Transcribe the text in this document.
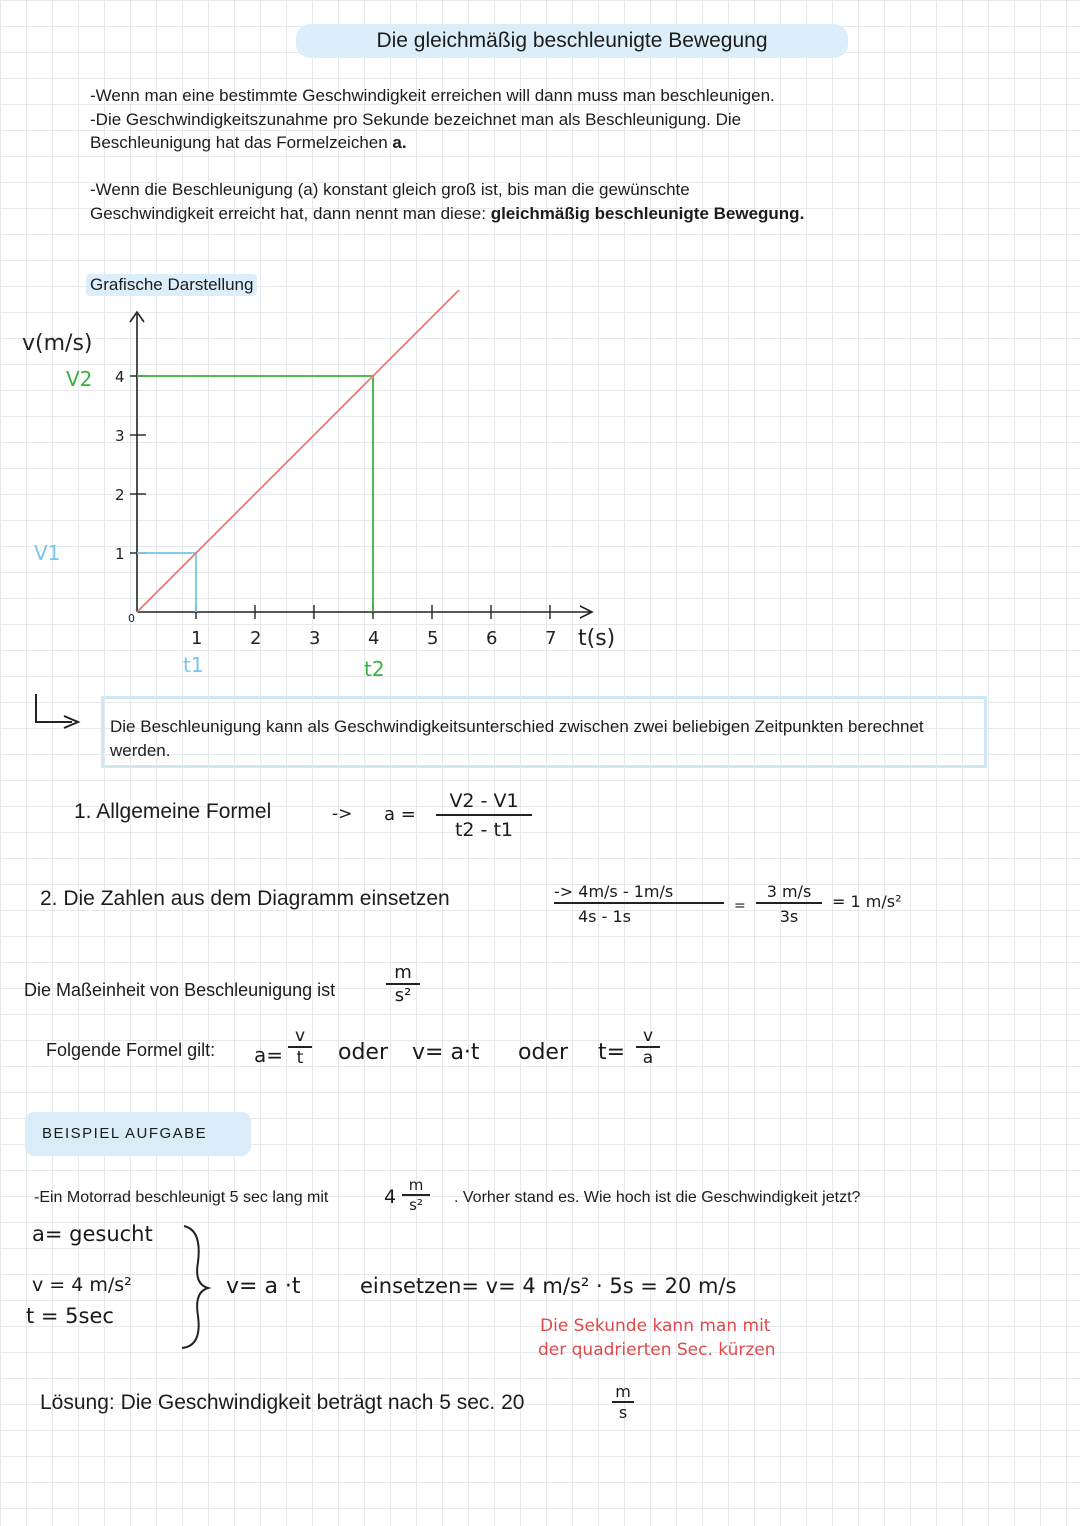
Die gleichmäßig beschleunigte Bewegung
-Wenn man eine bestimmte Geschwindigkeit erreichen will dann muss man beschleunigen.
-Die Geschwindigkeitszunahme pro Sekunde bezeichnet man als Beschleunigung. Die
Beschleunigung hat das Formelzeichen a.
-Wenn die Beschleunigung (a) konstant gleich groß ist, bis man die gewünschte
Geschwindigkeit erreicht hat, dann nennt man diese: gleichmäßig beschleunigte Bewegung.
Grafische Darstellung
1	2	3	4	5	6	7
1
2
3
4
v(m/s)
t(s)
V2
V1
t1	t2
0
Die Beschleunigung kann als Geschwindigkeitsunterschied zwischen zwei beliebigen Zeitpunkten berechnet werden.
1. Allgemeine Formel	-> $a = \frac{V2 - V1}{t2 - t1}$
2. Die Zahlen aus dem Diagramm einsetzen	$\frac{-> 4m/s - 1m/s}{4s - 1s}$ =
3 m/s
3s
= 1 m/s²
Die Maßeinheit von Beschleunigung ist
m
s²
Folgende Formel gilt: $a= \frac{v}{t}$ oder v= a·t oder $t= \frac{v}{a}$
BEISPIEL AUFGABE
-Ein Motorrad beschleunigt 5 sec lang mit	4
m
s²	. Vorher stand es. Wie hoch ist die Geschwindigkeit jetzt?
a= gesucht
v = 4 m/s²
t = 5sec
v= a ·t	einsetzen= v= 4 m/s² · 5s = 20 m/s
Die Sekunde kann man mit
der quadrierten Sec. kürzen
Lösung: Die Geschwindigkeit beträgt nach 5 sec. 20	m
s
